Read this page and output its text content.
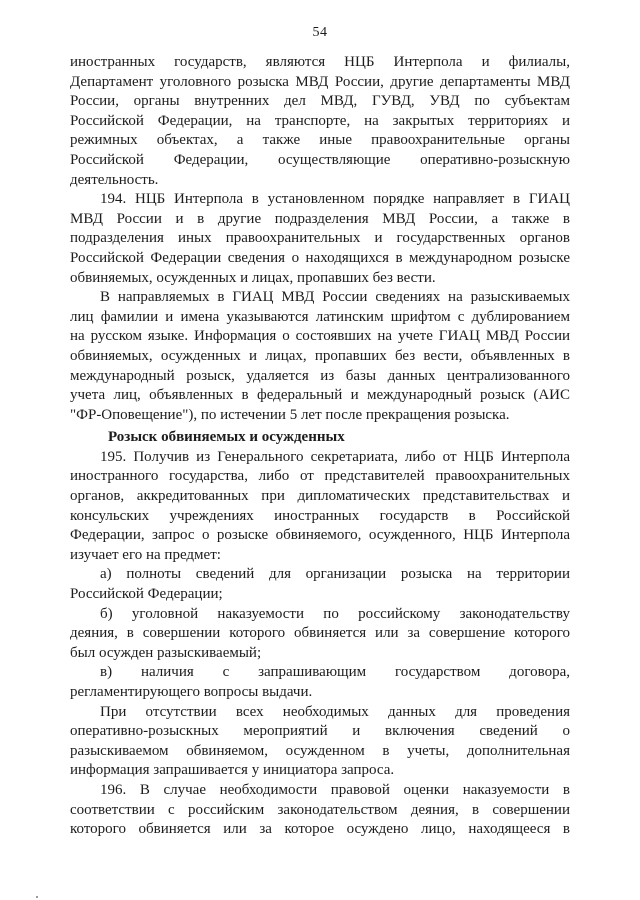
54
иностранных государств, являются НЦБ Интерпола и филиалы,
Департамент уголовного розыска МВД России, другие департаменты МВД
России, органы внутренних дел МВД, ГУВД, УВД по субъектам
Российской Федерации, на транспорте, на закрытых территориях и
режимных объектах, а также иные правоохранительные органы
Российской Федерации, осуществляющие оперативно-розыскную
деятельность.
194. НЦБ Интерпола в установленном порядке направляет в ГИАЦ
МВД России и в другие подразделения МВД России, а также в
подразделения иных правоохранительных и государственных органов
Российской Федерации сведения о находящихся в международном розыске
обвиняемых, осужденных и лицах, пропавших без вести.
В направляемых в ГИАЦ МВД России сведениях на разыскиваемых
лиц фамилии и имена указываются латинским шрифтом с дублированием
на русском языке. Информация о состоявших на учете ГИАЦ МВД России
обвиняемых, осужденных и лицах, пропавших без вести, объявленных в
международный розыск, удаляется из базы данных централизованного
учета лиц, объявленных в федеральный и международный розыск (АИС
"ФР-Оповещение"), по истечении 5 лет после прекращения розыска.
Розыск обвиняемых и осужденных
195. Получив из Генерального секретариата, либо от НЦБ Интерпола
иностранного государства, либо от представителей правоохранительных
органов, аккредитованных при дипломатических представительствах и
консульских учреждениях иностранных государств в Российской
Федерации, запрос о розыске обвиняемого, осужденного, НЦБ Интерпола
изучает его на предмет:
а) полноты сведений для организации розыска на территории
Российской Федерации;
б) уголовной наказуемости по российскому законодательству
деяния, в совершении которого обвиняется или за совершение которого
был осужден разыскиваемый;
в) наличия с запрашивающим государством договора,
регламентирующего вопросы выдачи.
При отсутствии всех необходимых данных для проведения
оперативно-розыскных мероприятий и включения сведений о
разыскиваемом обвиняемом, осужденном в учеты, дополнительная
информация запрашивается у инициатора запроса.
196. В случае необходимости правовой оценки наказуемости в
соответствии с российским законодательством деяния, в совершении
которого обвиняется или за которое осуждено лицо, находящееся в
